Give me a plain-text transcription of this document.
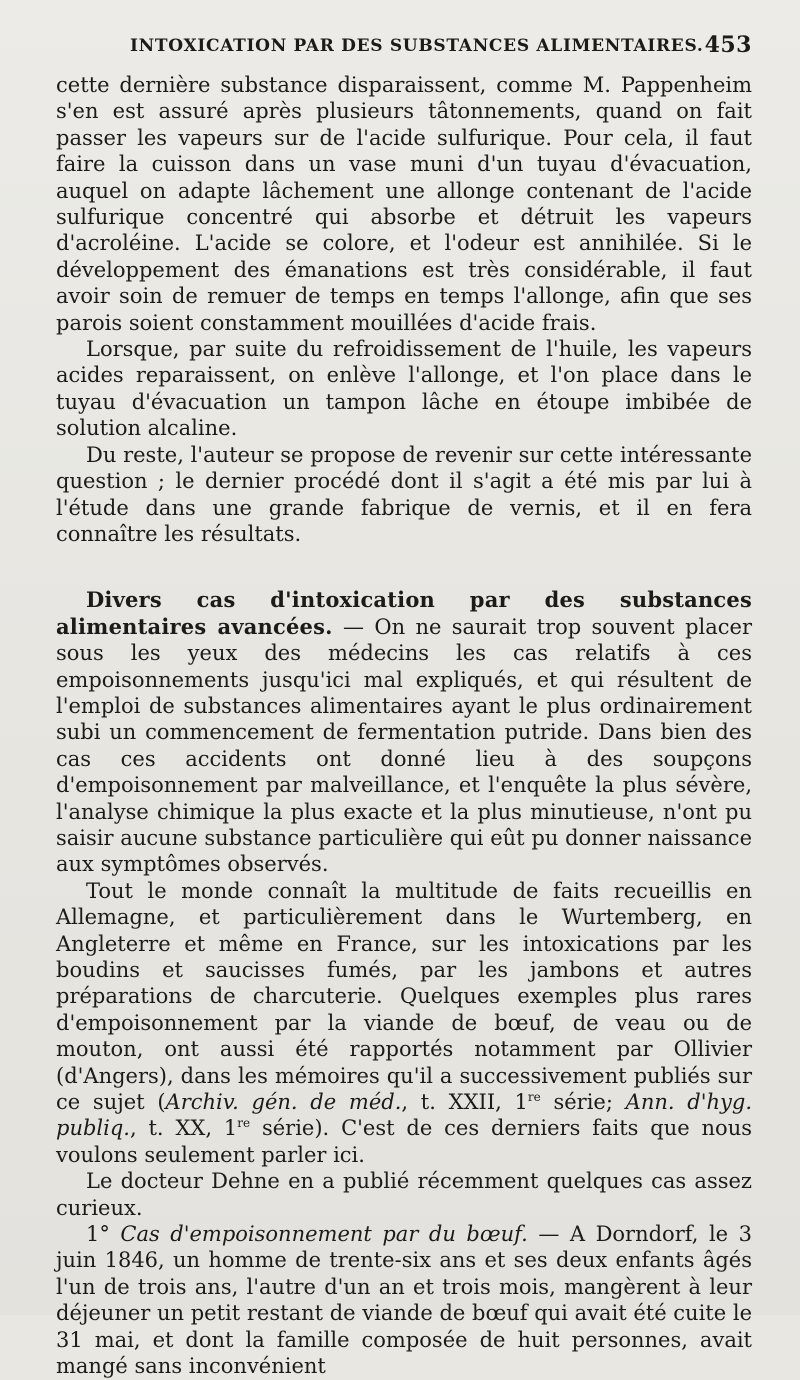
INTOXICATION PAR DES SUBSTANCES ALIMENTAIRES. 453

cette dernière substance disparaissent, comme M. Pappenheim s'en est assuré après plusieurs tâtonnements, quand on fait passer les vapeurs sur de l'acide sulfurique. Pour cela, il faut faire la cuisson dans un vase muni d'un tuyau d'évacuation, auquel on adapte lâchement une allonge contenant de l'acide sulfurique concentré qui absorbe et détruit les vapeurs d'acroléine. L'acide se colore, et l'odeur est annihilée. Si le développement des émanations est très considérable, il faut avoir soin de remuer de temps en temps l'allonge, afin que ses parois soient constamment mouillées d'acide frais.

Lorsque, par suite du refroidissement de l'huile, les vapeurs acides reparaissent, on enlève l'allonge, et l'on place dans le tuyau d'évacuation un tampon lâche en étoupe imbibée de solution alcaline.

Du reste, l'auteur se propose de revenir sur cette intéressante question ; le dernier procédé dont il s'agit a été mis par lui à l'étude dans une grande fabrique de vernis, et il en fera connaître les résultats.

Divers cas d'intoxication par des substances alimentaires avancées. — On ne saurait trop souvent placer sous les yeux des médecins les cas relatifs à ces empoisonnements jusqu'ici mal expliqués, et qui résultent de l'emploi de substances alimentaires ayant le plus ordinairement subi un commencement de fermentation putride. Dans bien des cas ces accidents ont donné lieu à des soupçons d'empoisonnement par malveillance, et l'enquête la plus sévère, l'analyse chimique la plus exacte et la plus minutieuse, n'ont pu saisir aucune substance particulière qui eût pu donner naissance aux symptômes observés.

Tout le monde connaît la multitude de faits recueillis en Allemagne, et particulièrement dans le Wurtemberg, en Angleterre et même en France, sur les intoxications par les boudins et saucisses fumés, par les jambons et autres préparations de charcuterie. Quelques exemples plus rares d'empoisonnement par la viande de bœuf, de veau ou de mouton, ont aussi été rapportés notamment par Ollivier (d'Angers), dans les mémoires qu'il a successivement publiés sur ce sujet (Archiv. gén. de méd., t. XXII, 1re série; Ann. d'hyg. publiq., t. XX, 1re série). C'est de ces derniers faits que nous voulons seulement parler ici.

Le docteur Dehne en a publié récemment quelques cas assez curieux.

1° Cas d'empoisonnement par du bœuf. — A Dorndorf, le 3 juin 1846, un homme de trente-six ans et ses deux enfants âgés l'un de trois ans, l'autre d'un an et trois mois, mangèrent à leur déjeuner un petit restant de viande de bœuf qui avait été cuite le 31 mai, et dont la famille composée de huit personnes, avait mangé sans inconvénient
